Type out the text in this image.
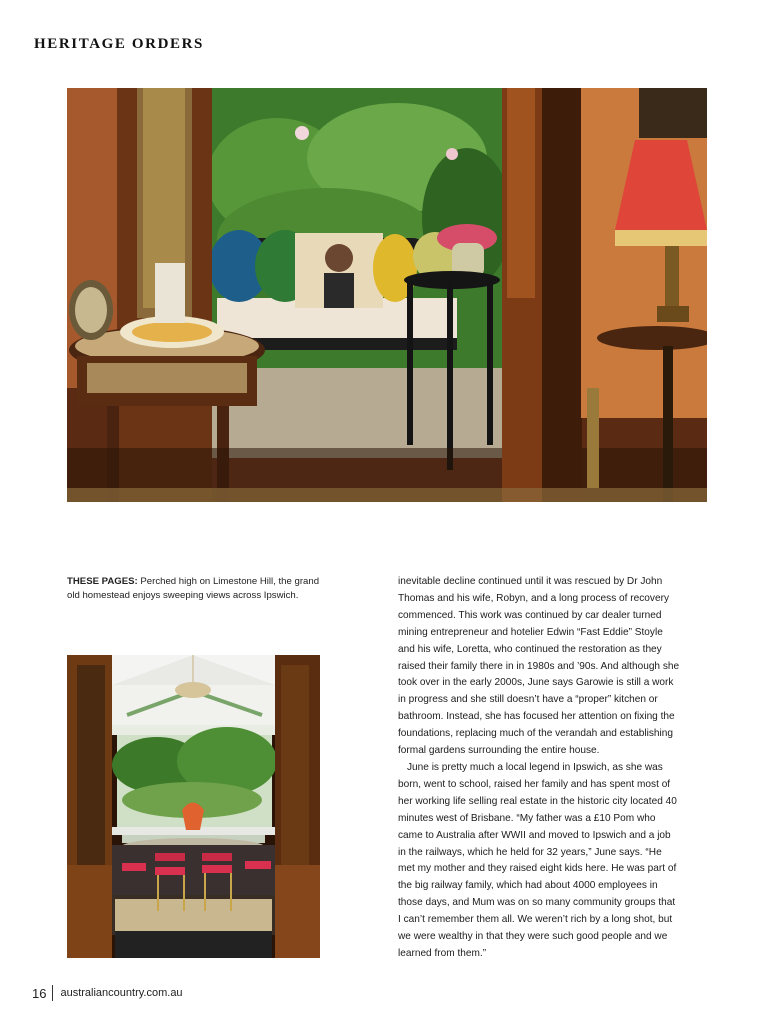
HERITAGE ORDERS
THESE PAGES: Perched high on Limestone Hill, the grand old homestead enjoys sweeping views across Ipswich.

inevitable decline continued until it was rescued by Dr John Thomas and his wife, Robyn, and a long process of recovery commenced. This work was continued by car dealer turned mining entrepreneur and hotelier Edwin “Fast Eddie” Stoyle and his wife, Loretta, who continued the restoration as they raised their family there in in 1980s and ’90s. And although she took over in the early 2000s, June says Garowie is still a work in progress and she still doesn’t have a “proper” kitchen or bathroom. Instead, she has focused her attention on fixing the foundations, replacing much of the verandah and establishing formal gardens surrounding the entire house.

June is pretty much a local legend in Ipswich, as she was born, went to school, raised her family and has spent most of her working life selling real estate in the historic city located 40 minutes west of Brisbane. “My father was a £10 Pom who came to Australia after WWII and moved to Ipswich and a job in the railways, which he held for 32 years,” June says. “He met my mother and they raised eight kids here. He was part of the big railway family, which had about 4000 employees in those days, and Mum was on so many community groups that I can’t remember them all. We weren’t rich by a long shot, but we were wealthy in that they were such good people and we learned from them.”

16 australiancountry.com.au
